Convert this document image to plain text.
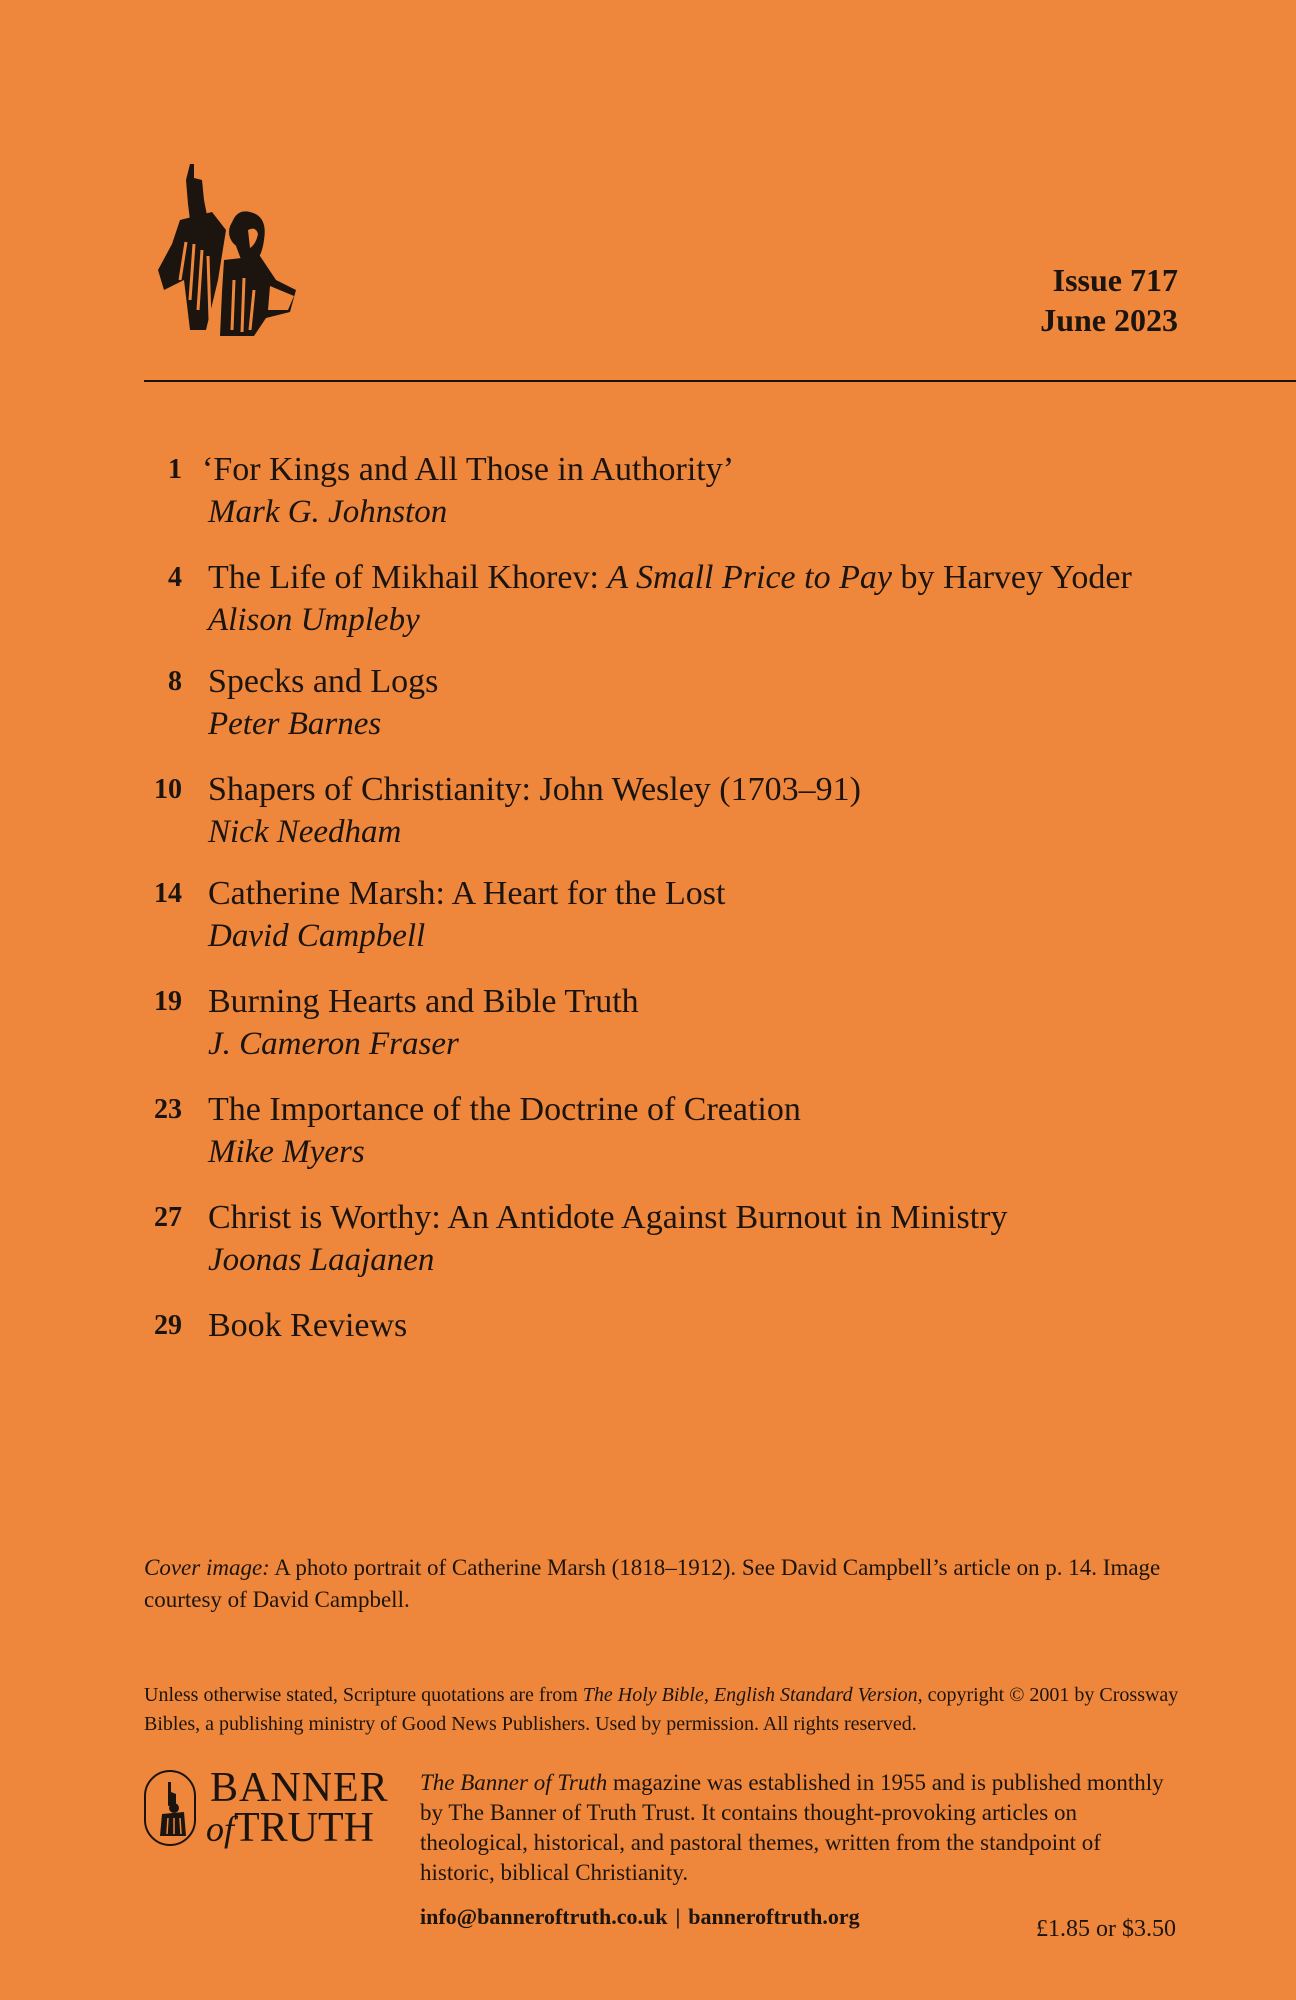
Issue 717
June 2023
1 ‘For Kings and All Those in Authority’
Mark G. Johnston
4 The Life of Mikhail Khorev: A Small Price to Pay by Harvey Yoder
Alison Umpleby
8 Specks and Logs
Peter Barnes
10 Shapers of Christianity: John Wesley (1703–91)
Nick Needham
14 Catherine Marsh: A Heart for the Lost
David Campbell
19 Burning Hearts and Bible Truth
J. Cameron Fraser
23 The Importance of the Doctrine of Creation
Mike Myers
27 Christ is Worthy: An Antidote Against Burnout in Ministry
Joonas Laajanen
29 Book Reviews
Cover image: A photo portrait of Catherine Marsh (1818–1912). See David Campbell’s article on p. 14. Image courtesy of David Campbell.
Unless otherwise stated, Scripture quotations are from The Holy Bible, English Standard Version, copyright © 2001 by Crossway Bibles, a publishing ministry of Good News Publishers. Used by permission. All rights reserved.
BANNER
ofTRUTH
The Banner of Truth magazine was established in 1955 and is published monthly by The Banner of Truth Trust. It contains thought-provoking articles on theological, historical, and pastoral themes, written from the standpoint of historic, biblical Christianity.
info@banneroftruth.co.uk | banneroftruth.org	£1.85 or $3.50
